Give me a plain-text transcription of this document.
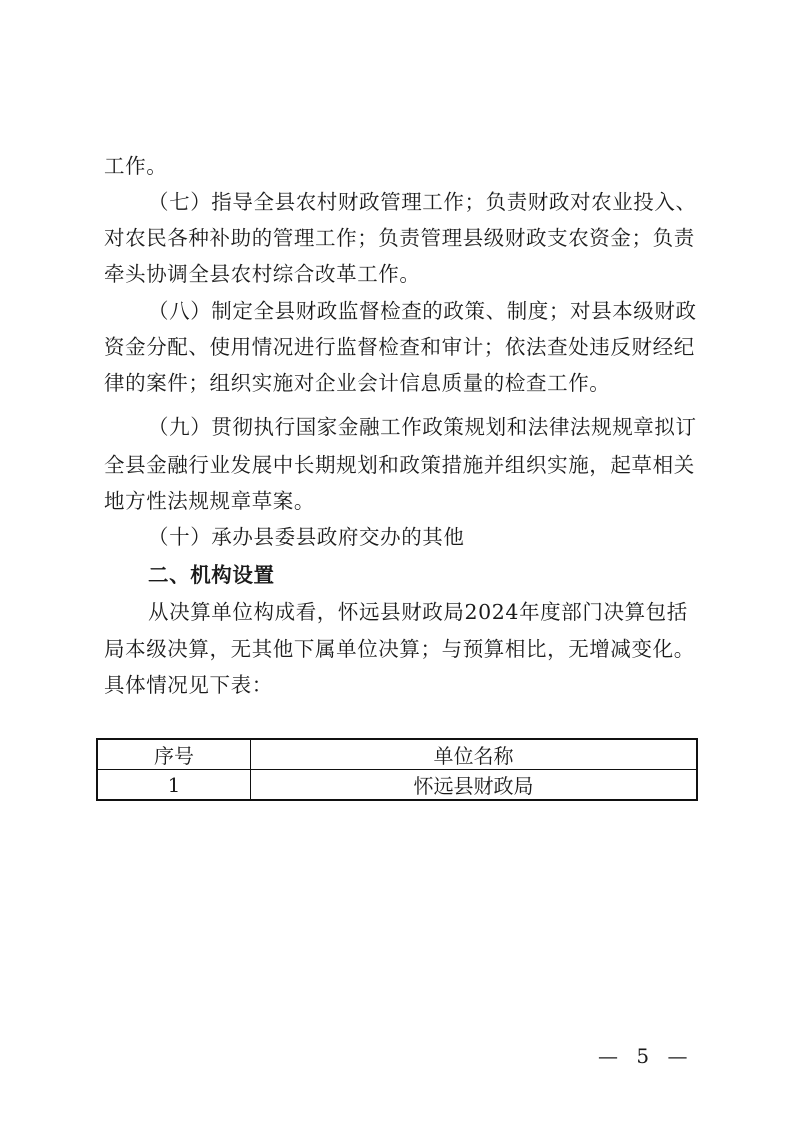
工作。
（七）指导全县农村财政管理工作；负责财政对农业投入、
对农民各种补助的管理工作；负责管理县级财政支农资金；负责
牵头协调全县农村综合改革工作。
（八）制定全县财政监督检查的政策、制度；对县本级财政
资金分配、使用情况进行监督检查和审计；依法查处违反财经纪
律的案件；组织实施对企业会计信息质量的检查工作。
（九）贯彻执行国家金融工作政策规划和法律法规规章拟订
全县金融行业发展中长期规划和政策措施并组织实施，起草相关
地方性法规规章草案。
（十）承办县委县政府交办的其他
二、机构设置
从决算单位构成看，怀远县财政局2024年度部门决算包括
局本级决算，无其他下属单位决算；与预算相比，无增减变化。
具体情况见下表：
序号	单位名称
1	怀远县财政局
— 5 —
